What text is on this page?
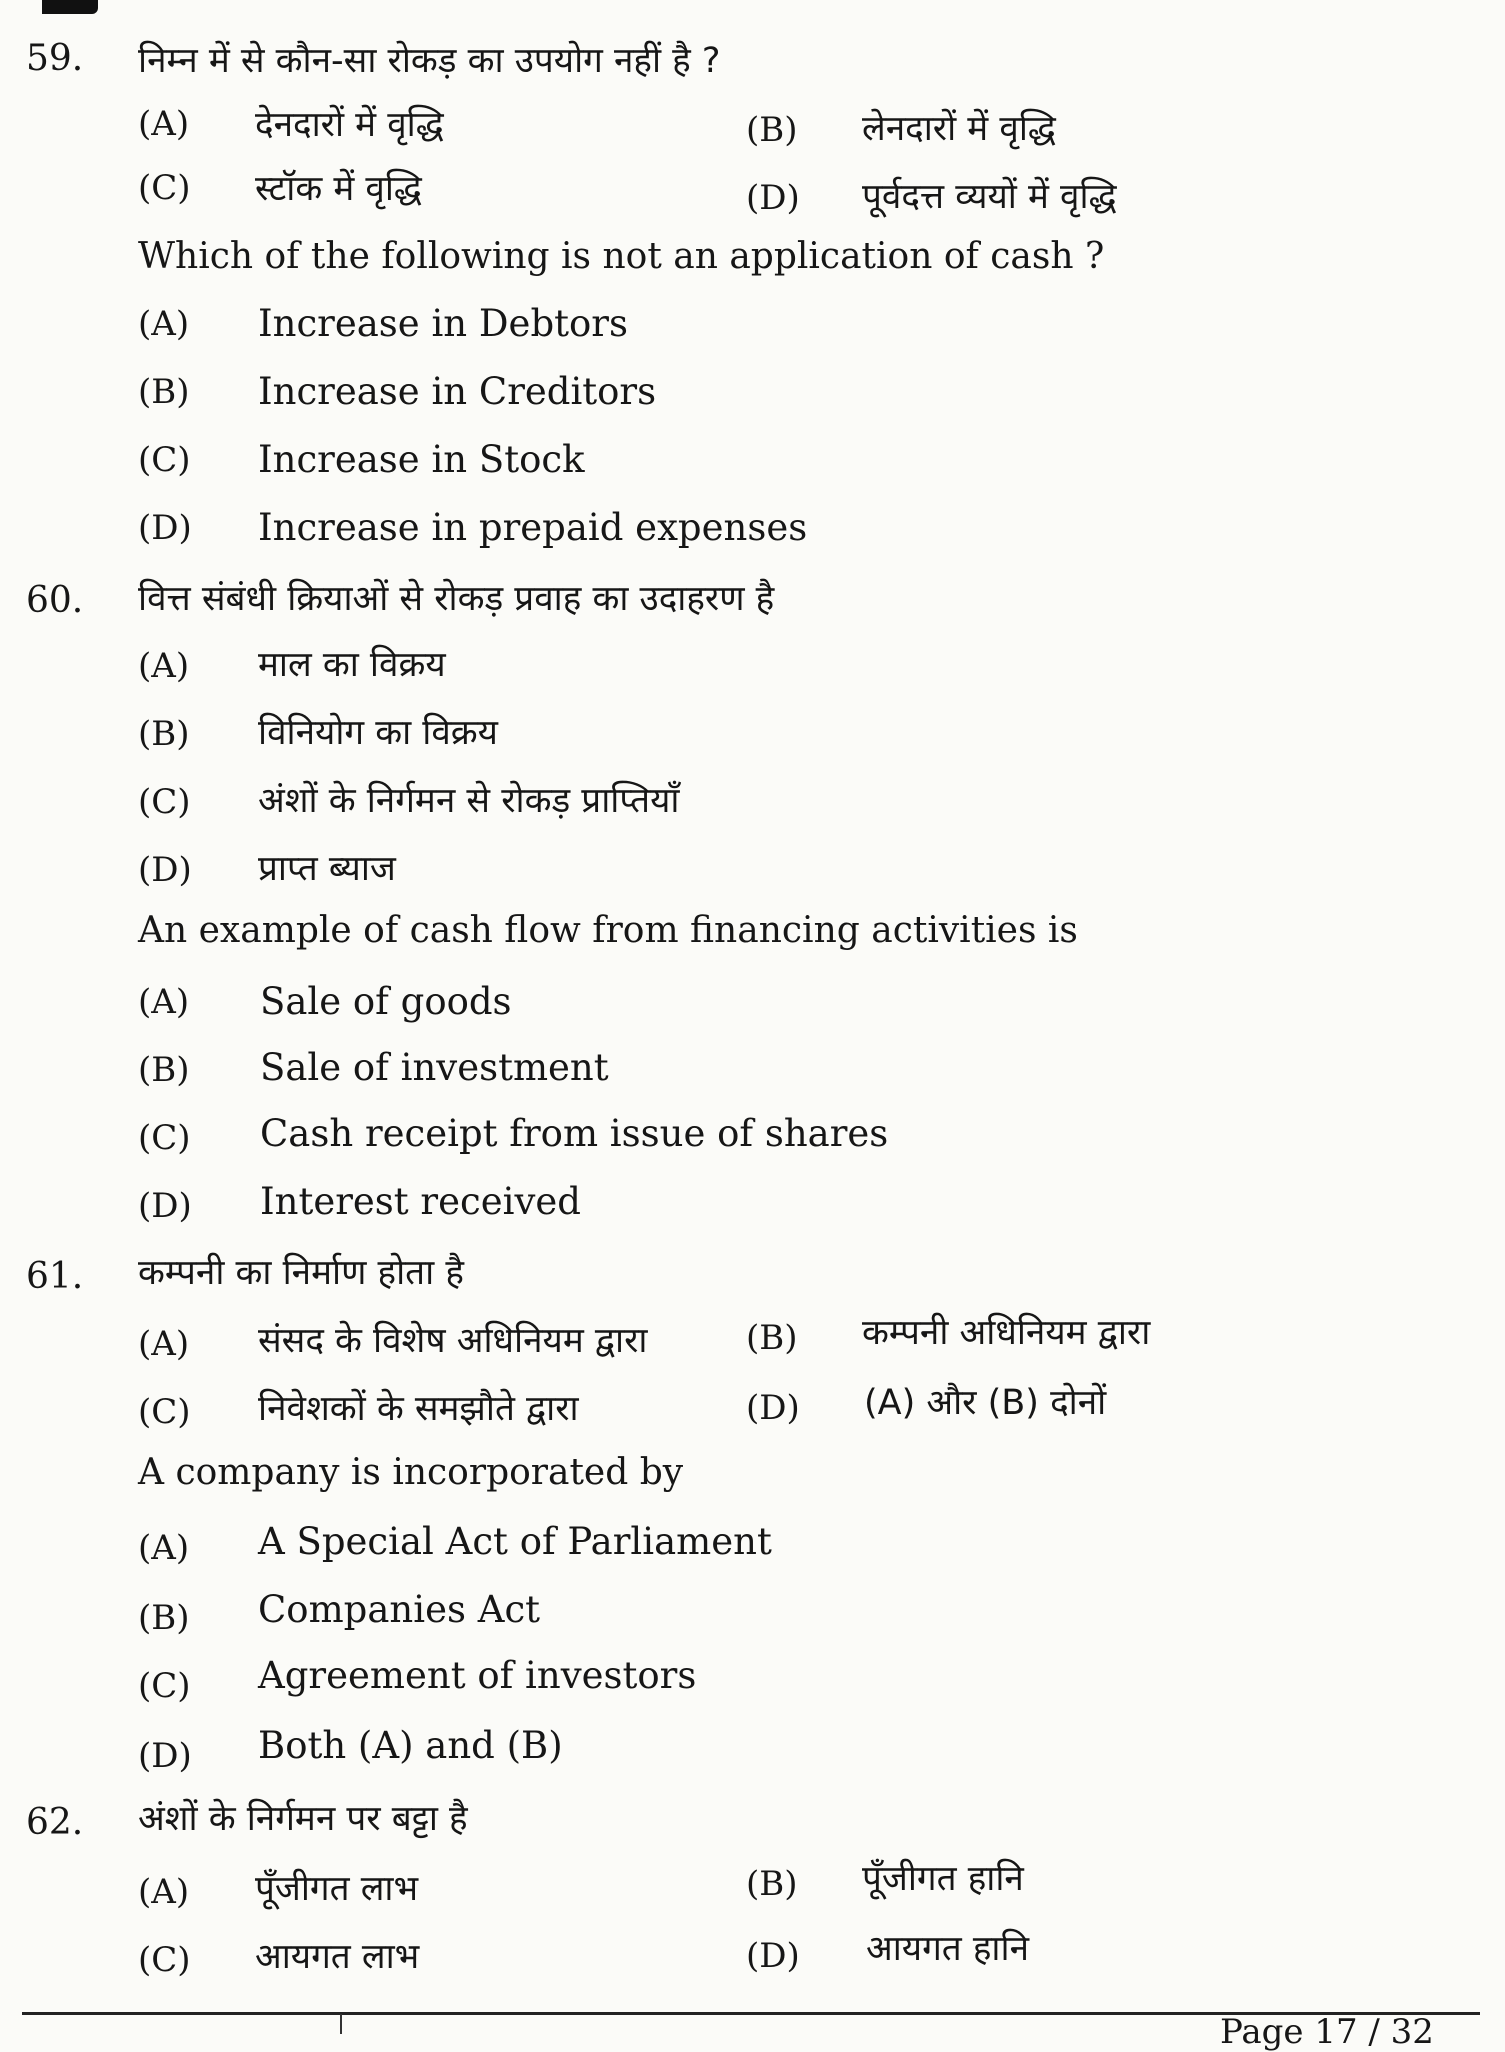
59. निम्न में से कौन-सा रोकड़ का उपयोग नहीं है ?
(A) देनदारों में वृद्धि	(B) लेनदारों में वृद्धि
(C) स्टॉक में वृद्धि	(D) पूर्वदत्त व्ययों में वृद्धि
Which of the following is not an application of cash ?
(A) Increase in Debtors
(B) Increase in Creditors
(C) Increase in Stock
(D) Increase in prepaid expenses
60. वित्त संबंधी क्रियाओं से रोकड़ प्रवाह का उदाहरण है
(A) माल का विक्रय
(B) विनियोग का विक्रय
(C) अंशों के निर्गमन से रोकड़ प्राप्तियाँ
(D) प्राप्त ब्याज
An example of cash flow from financing activities is
(A) Sale of goods
(B) Sale of investment
(C) Cash receipt from issue of shares
(D) Interest received
61. कम्पनी का निर्माण होता है
(A) संसद के विशेष अधिनियम द्वारा	(B) कम्पनी अधिनियम द्वारा
(C) निवेशकों के समझौते द्वारा	(D) (A) और (B) दोनों
A company is incorporated by
(A) A Special Act of Parliament
(B) Companies Act
(C) Agreement of investors
(D) Both (A) and (B)
62. अंशों के निर्गमन पर बट्टा है
(A) पूँजीगत लाभ	(B) पूँजीगत हानि
(C) आयगत लाभ	(D) आयगत हानि
Page 17 / 32
